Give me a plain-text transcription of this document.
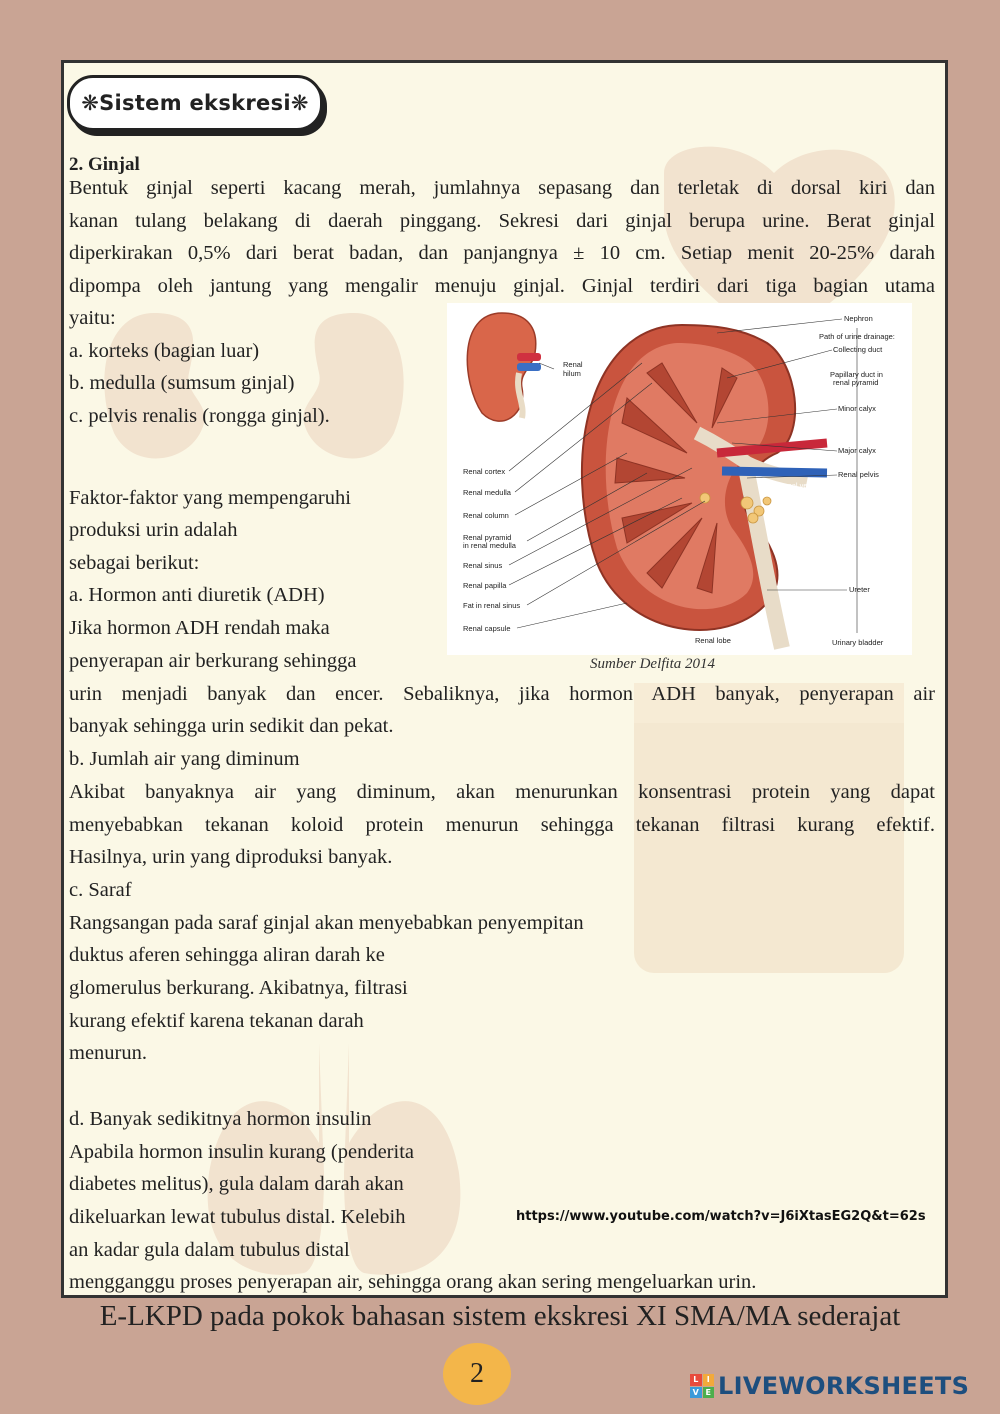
❋Sistem ekskresi❋
2. Ginjal
Bentuk ginjal seperti kacang merah, jumlahnya sepasang dan terletak di dorsal kiri dan
kanan tulang belakang di daerah pinggang. Sekresi dari ginjal berupa urine. Berat ginjal
diperkirakan 0,5% dari berat badan, dan panjangnya ± 10 cm. Setiap menit 20-25% darah
dipompa oleh jantung yang mengalir menuju ginjal. Ginjal terdiri dari tiga bagian utama
yaitu:
a. korteks (bagian luar)
b. medulla (sumsum ginjal)
c. pelvis renalis (rongga ginjal).
Faktor-faktor yang mempengaruhi
produksi urin adalah
sebagai berikut:
a. Hormon anti diuretik (ADH)
Jika hormon ADH rendah maka
penyerapan air berkurang sehingga
urin menjadi banyak dan encer. Sebaliknya, jika hormon ADH banyak, penyerapan air
banyak sehingga urin sedikit dan pekat.
b. Jumlah air yang diminum
Akibat banyaknya air yang diminum, akan menurunkan konsentrasi protein yang dapat
menyebabkan tekanan koloid protein menurun sehingga tekanan filtrasi kurang efektif.
Hasilnya, urin yang diproduksi banyak.
c. Saraf
Rangsangan pada saraf ginjal akan menyebabkan penyempitan
duktus aferen sehingga aliran darah ke
glomerulus berkurang. Akibatnya, filtrasi
kurang efektif karena tekanan darah
menurun.
d. Banyak sedikitnya hormon insulin
Apabila hormon insulin kurang (penderita
diabetes melitus), gula dalam darah akan
dikeluarkan lewat tubulus distal. Kelebih
an kadar gula dalam tubulus distal
mengganggu proses penyerapan air, sehingga orang akan sering mengeluarkan urin.
Renal cortex
Renal medulla
Renal column
Renal pyramid
in renal medulla
Renal sinus
Renal papilla
Fat in renal sinus
Renal capsule
Renal
hilum
Nephron
Path of urine drainage:
Collecting duct
Papillary duct in
renal pyramid
Minor calyx
Major calyx
Renal pelvis
Ureter
Urinary bladder
Renal artery
Renal vein
Renal lobe
Sumber Delfita 2014
https://www.youtube.com/watch?v=J6iXtasEG2Q&t=62s
E-LKPD pada pokok bahasan sistem ekskresi XI SMA/MA sederajat
2	L	I
V E LIVEWORKSHEETS
